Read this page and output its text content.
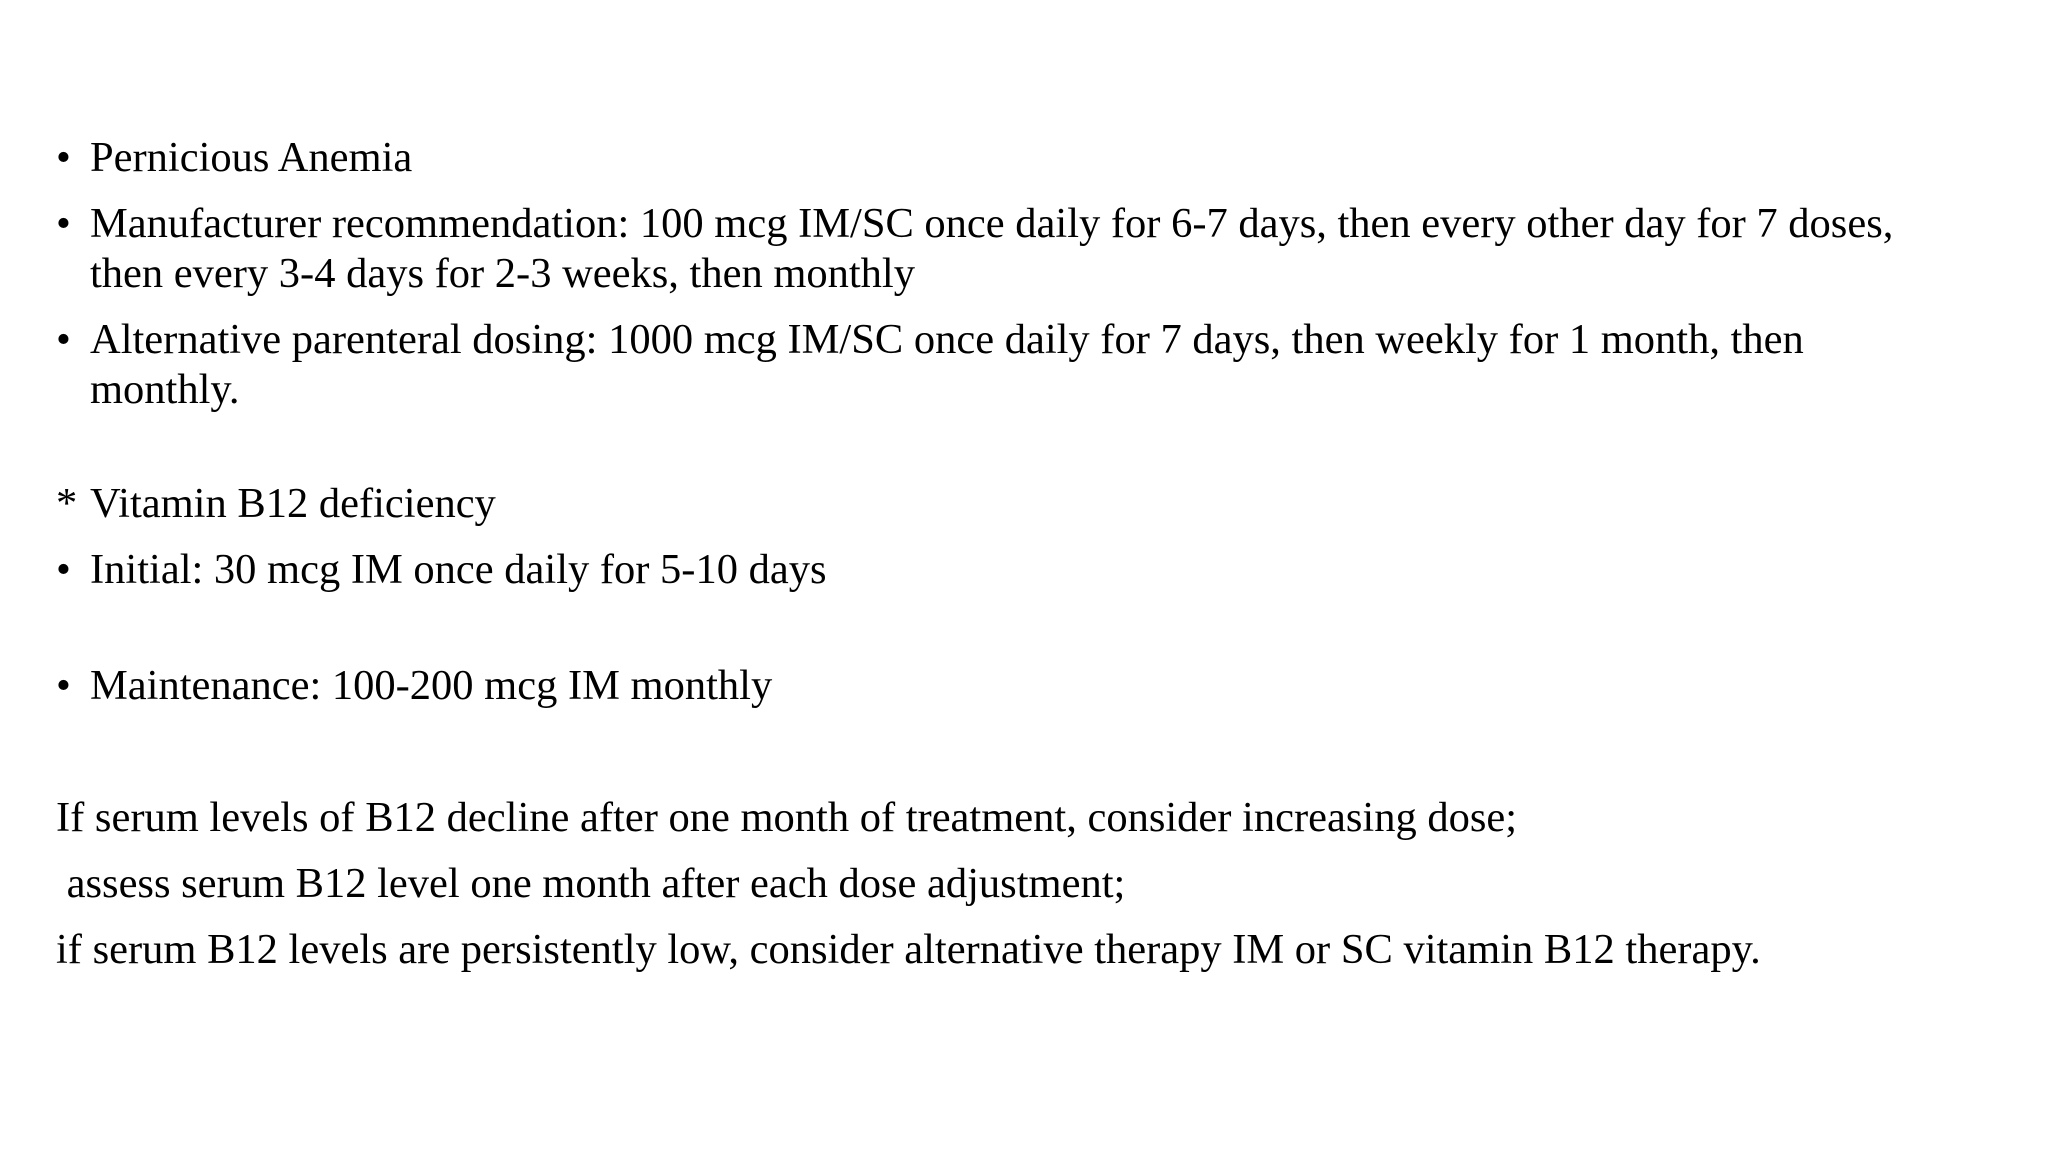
• Pernicious Anemia
• Manufacturer recommendation: 100 mcg IM/SC once daily for 6-7 days, then every other day for 7 doses, then every 3-4 days for 2-3 weeks, then monthly
• Alternative parenteral dosing: 1000 mcg IM/SC once daily for 7 days, then weekly for 1 month, then monthly.
* Vitamin B12 deficiency
• Initial: 30 mcg IM once daily for 5-10 days
• Maintenance: 100-200 mcg IM monthly
If serum levels of B12 decline after one month of treatment, consider increasing dose;
assess serum B12 level one month after each dose adjustment;
if serum B12 levels are persistently low, consider alternative therapy IM or SC vitamin B12 therapy.
